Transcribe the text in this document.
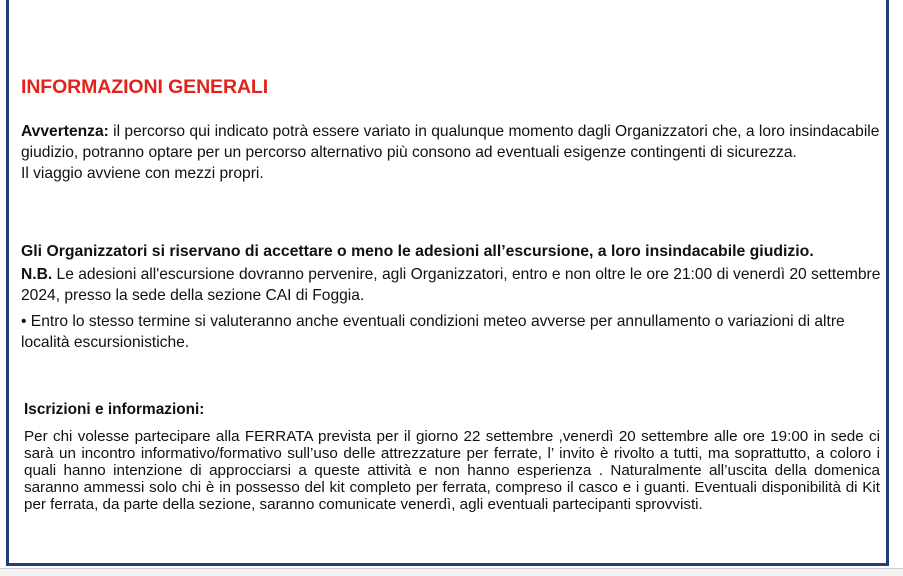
INFORMAZIONI GENERALI

Avvertenza: il percorso qui indicato potrà essere variato in qualunque momento dagli Organizzatori che, a loro insindacabile giudizio, potranno optare per un percorso alternativo più consono ad eventuali esigenze contingenti di sicurezza.

Il viaggio avviene con mezzi propri.

Gli Organizzatori si riservano di accettare o meno le adesioni all’escursione, a loro insindacabile giudizio.

N.B. Le adesioni all'escursione dovranno pervenire, agli Organizzatori, entro e non oltre le ore 21:00 di venerdì 20 settembre 2024, presso la sede della sezione CAI di Foggia.

• Entro lo stesso termine si valuteranno anche eventuali condizioni meteo avverse per annullamento o variazioni di altre località escursionistiche.

Iscrizioni e informazioni:

Per chi volesse partecipare alla FERRATA prevista per il giorno 22 settembre ,venerdì 20 settembre alle ore 19:00 in sede ci sarà un incontro informativo/formativo sull’uso delle attrezzature per ferrate, l’ invito è rivolto a tutti, ma soprattutto, a coloro i quali hanno intenzione di approcciarsi a queste attività e non hanno esperienza . Naturalmente all’uscita della domenica saranno ammessi solo chi è in possesso del kit completo per ferrata, compreso il casco e i guanti. Eventuali disponibilità di Kit per ferrata, da parte della sezione, saranno comunicate venerdì, agli eventuali partecipanti sprovvisti.
